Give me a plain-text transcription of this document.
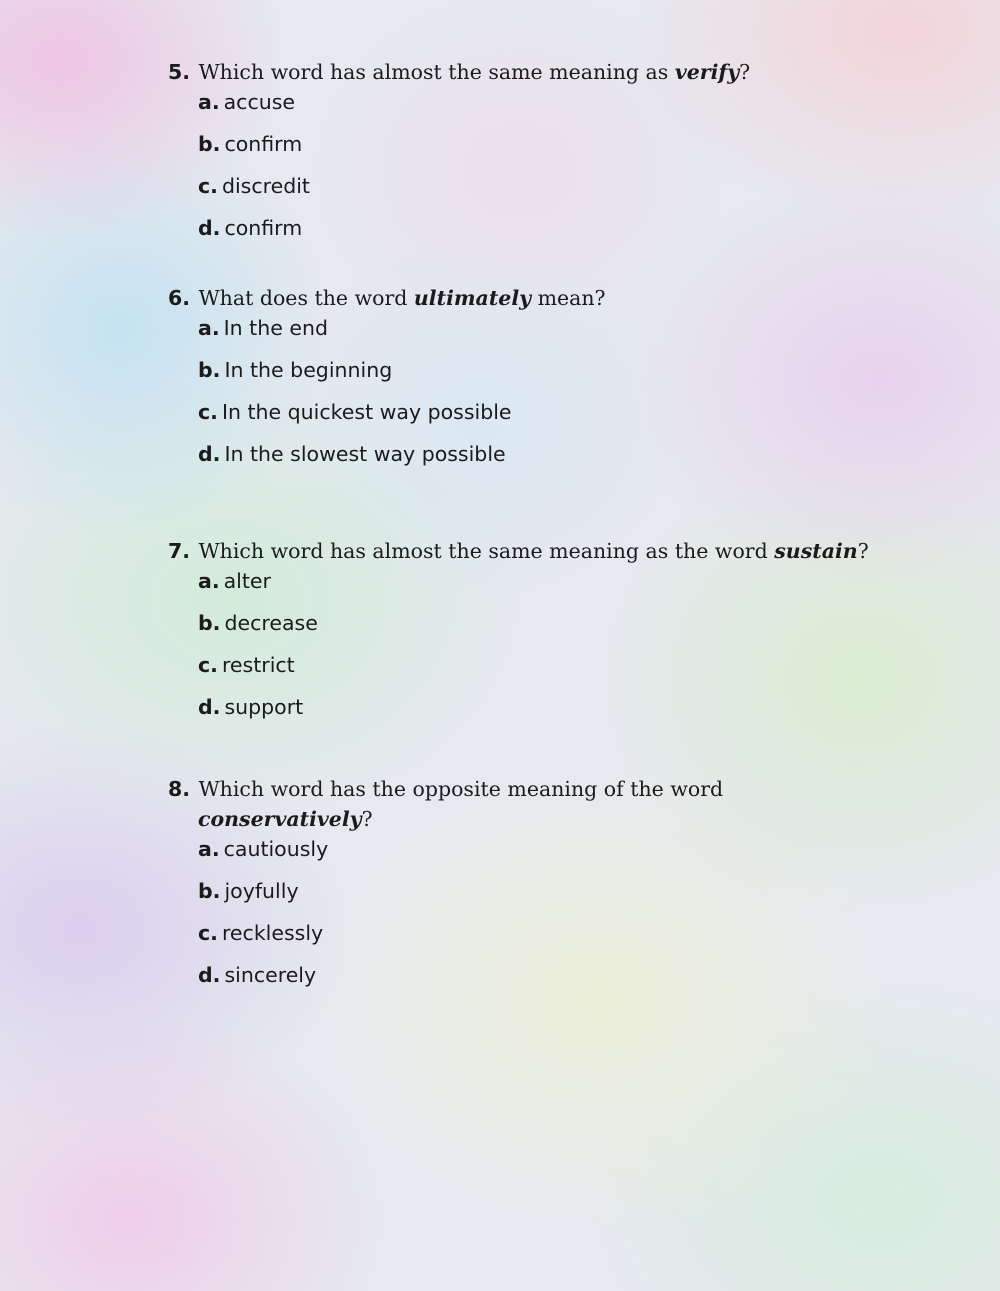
5. Which word has almost the same meaning as verify?

a. accuse
b. confirm
c. discredit
d. confirm

6. What does the word ultimately mean?

a. In the end
b. In the beginning
c. In the quickest way possible
d. In the slowest way possible

7. Which word has almost the same meaning as the word sustain?

a. alter
b. decrease
c. restrict
d. support

8. Which word has the opposite meaning of the word
conservatively?

a. cautiously
b. joyfully
c. recklessly
d. sincerely
